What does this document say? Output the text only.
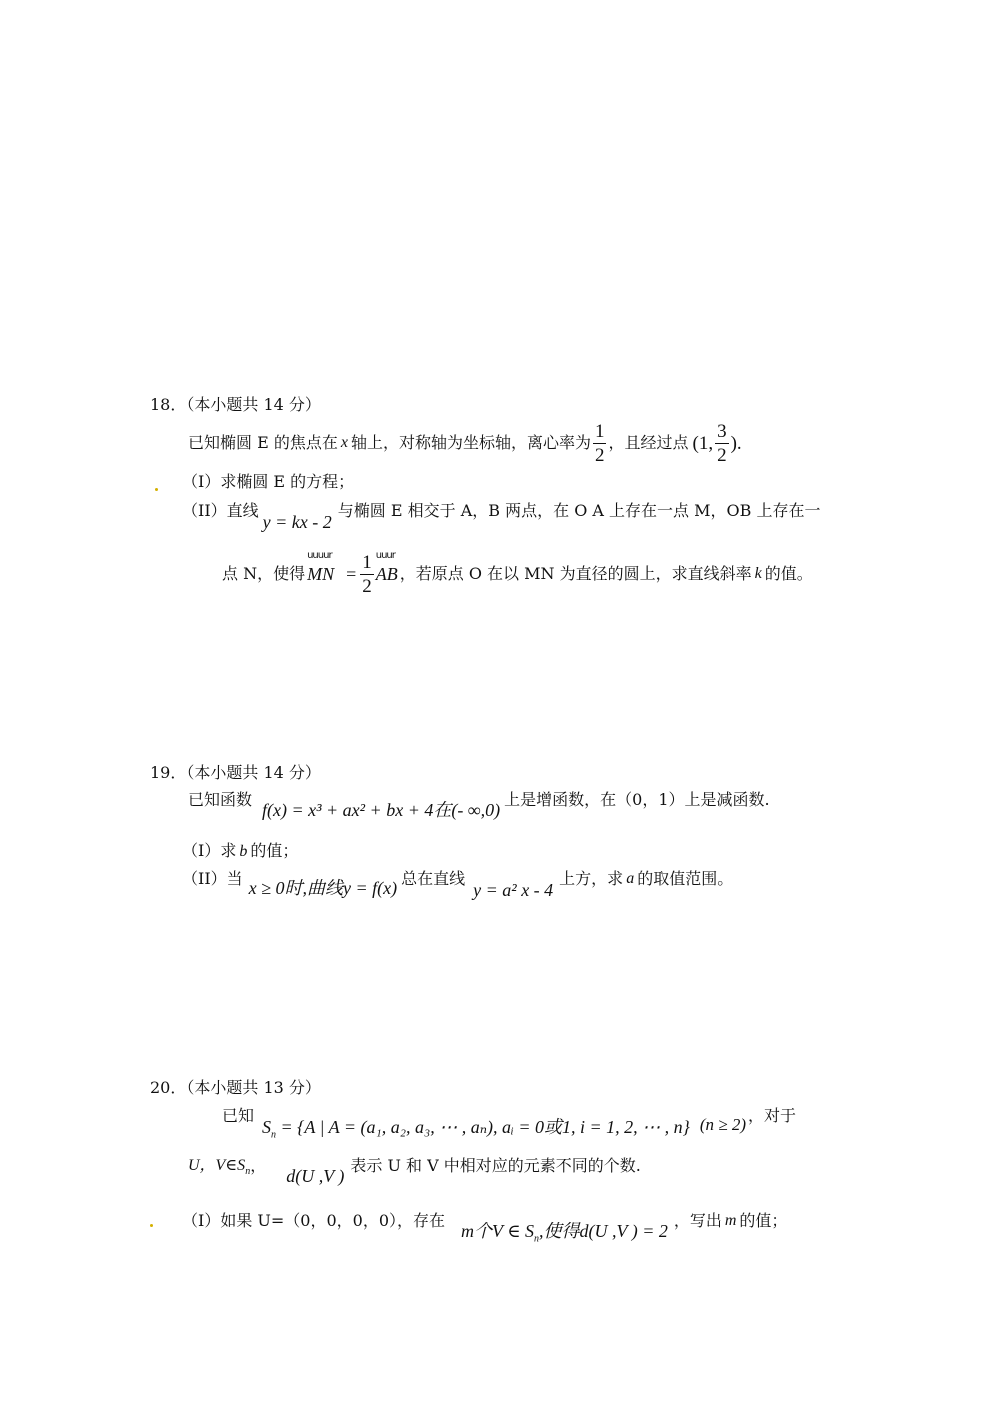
18．（本小题共 14 分）
已知椭圆 E 的焦点在 x 轴上，对称轴为坐标轴，离心率为 $\frac{1}{2}$ ，且经过点 (1, $\frac{3}{2}$ ).
（I）求椭圆 E 的方程；
（II）直线
y = kx - 2
与椭圆 E 相交于 A，B 两点，在 O A 上存在一点 M，OB 上存在一
点 N，使得
uuuur
MN = $\frac{1}{2}$ uuur
AB ，若原点 O 在以 MN 为直径的圆上，求直线斜率 k 的值。
19．（本小题共 14 分）
已知函数
f(x) = x³ + ax² + bx + 4在(- ∞,0)
上是增函数，在（0，1）上是减函数.
（I）求 b 的值；
（II）当 x ≥ 0时,曲线y = f(x) 总在直线
y = a² x - 4
上方，求 a 的取值范围。
20．（本小题共 13 分）
已知
$S_n = \{A$ | A = (a₁, a₂, a₃, ⋯ , aₙ), aᵢ = 0或1, i = 1, 2, ⋯ , n} (n ≥ 2) ，对于
U，$V\in S_n$ ，
d(U ,V )
表示 U 和 V 中相对应的元素不同的个数.
（I）如果 U=（0，0，0，0），存在
m个V ∈ $S_n$,使得d(U ,V ) = 2
，写出 m 的值；
